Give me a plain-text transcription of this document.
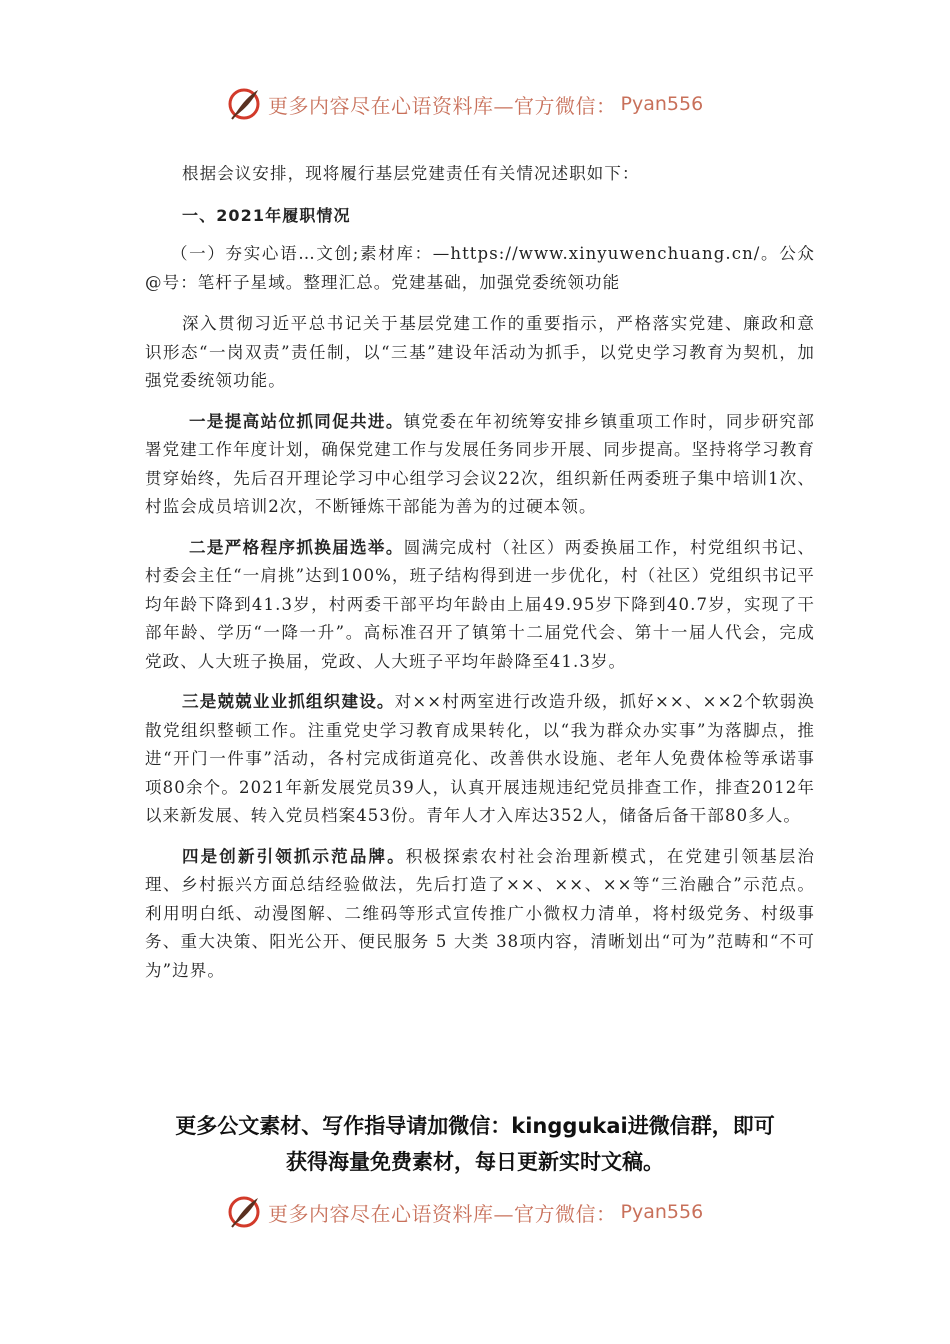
更多内容尽在心语资料库—官方微信： Pyan556

根据会议安排，现将履行基层党建责任有关情况述职如下：

一、2021年履职情况

（一）夯实心语…文创;素材库：—https://www.xinyuwenchuang.cn/。公众@号：笔杆子星域。整理汇总。党建基础，加强党委统领功能

深入贯彻习近平总书记关于基层党建工作的重要指示，严格落实党建、廉政和意识形态“一岗双责”责任制，以“三基”建设年活动为抓手，以党史学习教育为契机，加强党委统领功能。

一是提高站位抓同促共进。镇党委在年初统筹安排乡镇重项工作时，同步研究部署党建工作年度计划，确保党建工作与发展任务同步开展、同步提高。坚持将学习教育贯穿始终，先后召开理论学习中心组学习会议22次，组织新任两委班子集中培训1次、村监会成员培训2次，不断锤炼干部能为善为的过硬本领。

二是严格程序抓换届选举。圆满完成村（社区）两委换届工作，村党组织书记、村委会主任“一肩挑”达到100%，班子结构得到进一步优化，村（社区）党组织书记平均年龄下降到41.3岁，村两委干部平均年龄由上届49.95岁下降到40.7岁，实现了干部年龄、学历“一降一升”。高标准召开了镇第十二届党代会、第十一届人代会，完成党政、人大班子换届，党政、人大班子平均年龄降至41.3岁。

三是兢兢业业抓组织建设。对××村两室进行改造升级，抓好××、××2个软弱涣散党组织整顿工作。注重党史学习教育成果转化，以“我为群众办实事”为落脚点，推进“开门一件事”活动，各村完成街道亮化、改善供水设施、老年人免费体检等承诺事项80余个。2021年新发展党员39人，认真开展违规违纪党员排查工作，排查2012年以来新发展、转入党员档案453份。青年人才入库达352人，储备后备干部80多人。

四是创新引领抓示范品牌。积极探索农村社会治理新模式，在党建引领基层治理、乡村振兴方面总结经验做法，先后打造了××、××、××等“三治融合”示范点。利用明白纸、动漫图解、二维码等形式宣传推广小微权力清单，将村级党务、村级事务、重大决策、阳光公开、便民服务 5 大类 38项内容，清晰划出“可为”范畴和“不可为”边界。

更多公文素材、写作指导请加微信：kinggukai进微信群，即可
获得海量免费素材，每日更新实时文稿。
更多内容尽在心语资料库—官方微信： Pyan556
